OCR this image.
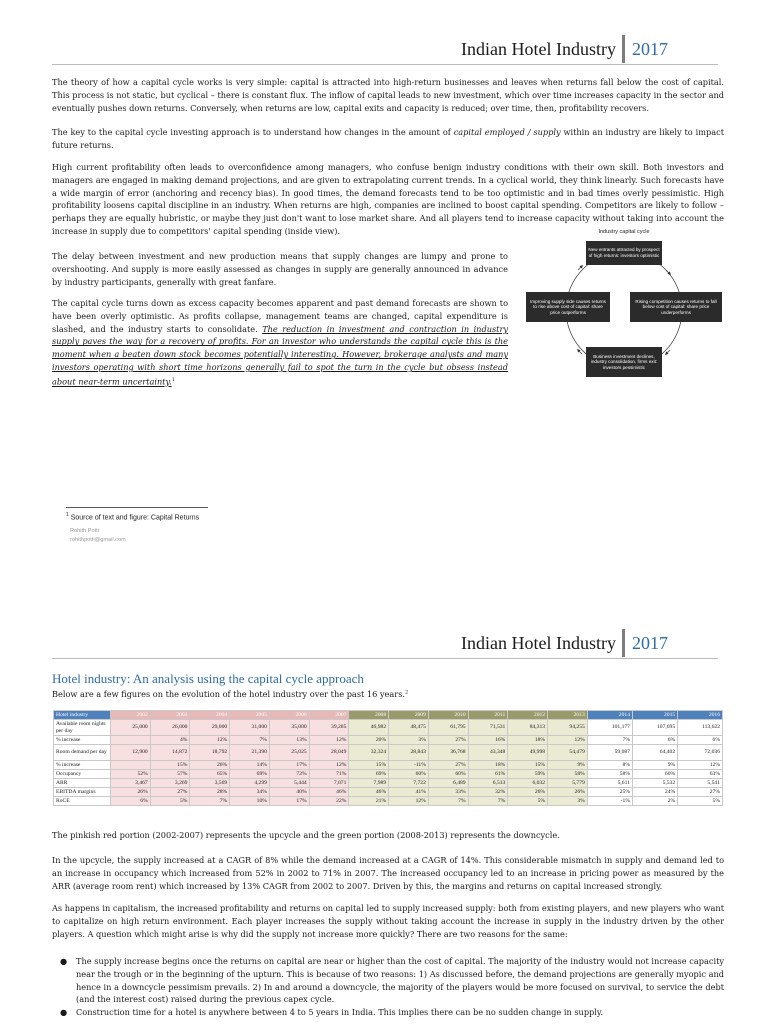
Indian Hotel Industry 2017

The theory of how a capital cycle works is very simple: capital is attracted into high-return businesses and leaves when returns fall below the cost of capital. This process is not static, but cyclical – there is constant flux. The inflow of capital leads to new investment, which over time increases capacity in the sector and eventually pushes down returns. Conversely, when returns are low, capital exits and capacity is reduced; over time, then, profitability recovers.

The key to the capital cycle investing approach is to understand how changes in the amount of capital employed / supply within an industry are likely to impact future returns.

High current profitability often leads to overconfidence among managers, who confuse benign industry conditions with their own skill. Both investors and managers are engaged in making demand projections, and are given to extrapolating current trends. In a cyclical world, they think linearly. Such forecasts have a wide margin of error (anchoring and recency bias). In good times, the demand forecasts tend to be too optimistic and in bad times overly pessimistic. High profitability loosens capital discipline in an industry. When returns are high, companies are inclined to boost capital spending. Competitors are likely to follow – perhaps they are equally hubristic, or maybe they just don't want to lose market share. And all players tend to increase capacity without taking into account the increase in supply due to competitors' capital spending (inside view).

The delay between investment and new production means that supply changes are lumpy and prone to overshooting. And supply is more easily assessed as changes in supply are generally announced in advance by industry participants, generally with great fanfare.

The capital cycle turns down as excess capacity becomes apparent and past demand forecasts are shown to have been overly optimistic. As profits collapse, management teams are changed, capital expenditure is slashed, and the industry starts to consolidate. The reduction in investment and contraction in industry supply paves the way for a recovery of profits. For an investor who understands the capital cycle this is the moment when a beaten down stock becomes potentially interesting. However, brokerage analysts and many investors operating with short time horizons generally fail to spot the turn in the cycle but obsess instead about near-term uncertainty.$^1$

Industry capital cycle
New entrants attracted by prospect of high returns: investors optimistic
Rising competition causes returns to fall below cost of capital: share price underperforms
Business investment declines, industry consolidation, firms exit: investors pessimistic
Improving supply side causes returns to rise above cost of capital: share price outperforms
$^1$ Source of text and figure: Capital Returns
Rohith Potti
rohithpotti@gmail.com
Indian Hotel Industry 2017
Hotel industry: An analysis using the capital cycle approach
Below are a few figures on the evolution of the hotel industry over the past 16 years.$^2$
Hotel industry	2002	2003	2004	2005	2006	2007	2008	2009	2010	2011	2012	2013	2014	2015	2016
Available room nights per day	25,000	26,000	29,000	31,000	35,000	39,285	46,982	48,475	61,795	71,531	84,313	94,255	101,177	107,695	113,622
% increase		4%	12%	7%	13%	12%	20%	3%	27%	16%	18%	12%	7%	6%	6%
Room demand per day	12,900	14,872	18,792	21,390	25,025	28,049	32,324	28,843	36,768	43,348	49,998	54,479	59,087	64,402	72,036
% increase		15%	26%	14%	17%	12%	15%	-11%	27%	18%	15%	9%	8%	9%	12%
Occupancy	52%	57%	65%	69%	72%	71%	69%	60%	60%	61%	59%	58%	58%	60%	63%
ARR	3,467	3,269	3,569	4,299	5,444	7,071	7,989	7,722	6,489	6,513	6,032	5,779	5,611	5,532	5,541
EBITDA margins	26%	27%	28%	34%	40%	46%	46%	41%	33%	32%	26%	26%	25%	24%	27%
RoCE	6%	5%	7%	10%	17%	22%	21%	12%	7%	7%	5%	3%	-1%	2%	5%

The pinkish red portion (2002-2007) represents the upcycle and the green portion (2008-2013) represents the downcycle.

In the upcycle, the supply increased at a CAGR of 8% while the demand increased at a CAGR of 14%. This considerable mismatch in supply and demand led to an increase in occupancy which increased from 52% in 2002 to 71% in 2007. The increased occupancy led to an increase in pricing power as measured by the ARR (average room rent) which increased by 13% CAGR from 2002 to 2007. Driven by this, the margins and returns on capital increased strongly.

As happens in capitalism, the increased profitability and returns on capital led to supply increased supply: both from existing players, and new players who want to capitalize on high return environment. Each player increases the supply without taking account the increase in supply in the industry driven by the other players. A question which might arise is why did the supply not increase more quickly? There are two reasons for the same:

● The supply increase begins once the returns on capital are near or higher than the cost of capital. The majority of the industry would not increase capacity near the trough or in the beginning of the upturn. This is because of two reasons: 1) As discussed before, the demand projections are generally myopic and hence in a downcycle pessimism prevails. 2) In and around a downcycle, the majority of the players would be more focused on survival, to service the debt (and the interest cost) raised during the previous capex cycle.
● Construction time for a hotel is anywhere between 4 to 5 years in India. This implies there can be no sudden change in supply.
